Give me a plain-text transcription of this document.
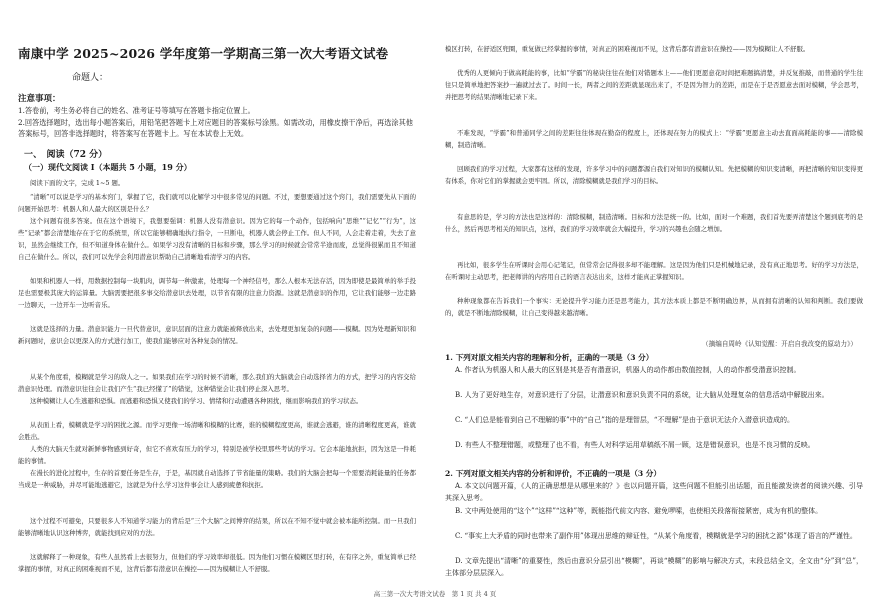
南康中学 2025~2026 学年度第一学期高三第一次大考语文试卷
命题人：
注意事项：
1.答卷前，考生务必将自己的姓名、准考证号等填写在答题卡指定位置上。
2.回答选择题时，选出每小题答案后，用铅笔把答题卡上对应题目的答案标号涂黑。如需改动，用橡皮擦干净后，再选涂其他答案标号，回答非选择题时，将答案写在答题卡上。写在本试卷上无效。
一、　阅读（72 分）
（一）现代文阅读 Ⅰ（本题共 5 小题，19 分）
阅读下面的文字，完成 1~5 题。
“清晰”可以说是学习的基本窍门，掌握了它，我们就可以化解学习中很多常见的问题。不过，要想要通过这个窍门，我们需要先从下面的问题开始思考：机器人和人最大的区别是什么？
这个问题有很多答案。但在这个语境下，我想要强调：机器人没有潜意识。因为它的每一个动作，包括响向“思维”“记忆”“行为”，这些“记录”都会清楚地存在于它的系统里，所以它能够精确地执行指令，一旦断电，机器人就会停止工作。但人不同，人会走着走着，失去了意识，虽然会继续工作，但不知道身体在做什么。如果学习没有清晰的目标和步骤，那么学习的时候就会常常半途而废，总觉得很累而且不知道自己在做什么。所以，我们可以先学会利用潜意识帮助自己清晰地看清学习的内容。
如果和机器人一样，用数据控制每一块肌肉，调节每一种激素，处理每一个神经信号，那么人根本无法存活，因为即使是最简单的举手投足也需要极其庞大的运算量。大脑需要把很多事交给潜意识去处理，以节省有限的注意力资源。这就是潜意识的作用，它让我们能够一边走路一边聊天，一边开车一边听音乐。
这就是选择的力量。潜意识能力一旦代替意识，意识层面的注意力就能被释放出来，去处理更加复杂的问题——模糊。因为处理新知识和新问题时，意识会以更深入的方式进行加工，使我们能够应对各种复杂的情况。
从某个角度看，模糊就是学习的敌人之一。如果我们在学习的时候不清晰，那么我们的大脑就会自动选择省力的方式，把学习的内容交给潜意识处理。而潜意识往往会让我们产生“我已经懂了”的错觉，这种错觉会让我们停止深入思考。
这种模糊让人心生逃避和恐惧。而逃避和恐惧又使我们的学习、情绪和行动遭遇各种困扰，继而影响我们的学习状态。
从表面上看，模糊就是学习的困扰之源。而学习更像一场清晰和模糊的比赛，谁的模糊程度更高，谁就会逃避，谁的清晰程度更高，谁就会胜出。
人类的大脑天生就对新鲜事物感到好奇，但它不喜欢有压力的学习，特别是被学校里那些考试的学习。它会本能地抗拒，因为这是一件耗能的事情。
在漫长的进化过程中，生存的首要任务是生存，于是，基因就自动选择了节省能量的策略。我们的大脑会把每一个需要消耗能量的任务都当成是一种威胁，并尽可能地逃避它，这就是为什么学习这件事会让人感到疲惫和抗拒。
这个过程不可避免，只要很多人不知道学习能力的背后是“三个大脑”之间博弈的结果，所以在不知不觉中就会被本能所控制。而一旦我们能够清晰地认识这种博弈，就能找到应对的方法。
这就解释了一种现象，有些人虽然看上去很努力，但他们的学习效率却很低。因为他们习惯在模糊区里打转，在有序之外，重复简单已经掌握的事情，对真正的困难视而不见，这背后都有潜意识在操控——因为模糊让人不舒服。
模区打转，在舒适区兜圈，重复做已经掌握的事情，对真正的困难视而不见，这背后都有潜意识在操控——因为模糊让人不舒服。
优秀的人更倾向于做高耗能的事，比如“学霸”的秘诀往往在他们对错题本上——他们更愿意花时间把难题搞清楚，并反复推敲，而普通的学生往往只是简单地把答案抄一遍就过去了。时间一长，两者之间的差距就显现出来了，不是因为智力的差距，而是在于是否愿意去面对模糊，学会思考，并把思考的结果清晰地记录下来。
不难发现，“学霸”和普通同学之间的差距往往体现在勤奋的程度上，还体现在努力的模式上：“学霸”更愿意主动去直面高耗能的事——清除模糊，制造清晰。
回顾我们的学习过程，大家都有这样的发现，许多学习中的问题都源自我们对知识的模糊认知。先把模糊的知识变清晰，再把清晰的知识变得更有体系，你对它们的掌握就会更牢固。所以，清除模糊就是我们学习的目标。
有意思的是，学习的方法也是这样的：清除模糊，制造清晰。目标和方法是统一的。比如，面对一个难题，我们首先要弄清楚这个题到底考的是什么，然后再思考相关的知识点，这样，我们的学习效率就会大幅提升，学习的兴趣也会随之增加。
再比如，很多学生在听课时会用心记笔记，但常常会记得很多却不能理解。这是因为他们只是机械地记录，没有真正地思考。好的学习方法是，在听课时主动思考，把老师讲的内容用自己的语言表达出来，这样才能真正掌握知识。
种种现象都在告诉我们一个事实：无论提升学习能力还是思考能力，其方法本质上都是不断明确边界，从而拥有清晰的认知和判断。我们要做的，就是不断地清除模糊，让自己变得越来越清晰。
（摘编自周岭《认知觉醒：开启自我改变的原动力》）
1. 下列对原文相关内容的理解和分析，正确的一项是（3 分）
A. 作者认为机器人和人最大的区别是其是否有潜意识，机器人的动作都由数值控制，人的动作都受潜意识控制。
B. 人为了更好地生存，对意识进行了分层，让潜意识和意识负责不同的系统，让大脑从处理复杂的信息活动中解脱出来。
C. “人们总是能看到自己不理解的事”中的“自己”指的是理智层，“不理解”是由于意识无法介入潜意识造成的。
D. 有些人不整理错题，或整理了也不看，有些人对科学运用草稿纸不屑一顾，这是错误意识，也是不良习惯的反映。
2. 下列对原文相关内容的分析和评价，不正确的一项是（3 分）
A. 本文以问题开篇，《人的正确思想是从哪里来的？》也以问题开篇，这些问题不但能引出话题，而且能激发读者的阅读兴趣、引导其深入思考。
B. 文中两处使用的“这个”“这样”“这种”等，既能指代前文内容、避免啰嗦，也使相关段落衔接紧密，成为有机的整体。
C. “事实上大矛盾的同时也带来了副作用”体现出思维的辩证性，“从某个角度看，模糊就是学习的困扰之源”体现了语言的严谨性。
D. 文章先提出“清晰”的重要性，然后由意识分层引出“模糊”，再谈“模糊”的影响与解决方式，末段总结全文，全文由“分”到“总”，主体部分层层深入。
高三第一次大考语文试卷　第 1 页 共 4 页
